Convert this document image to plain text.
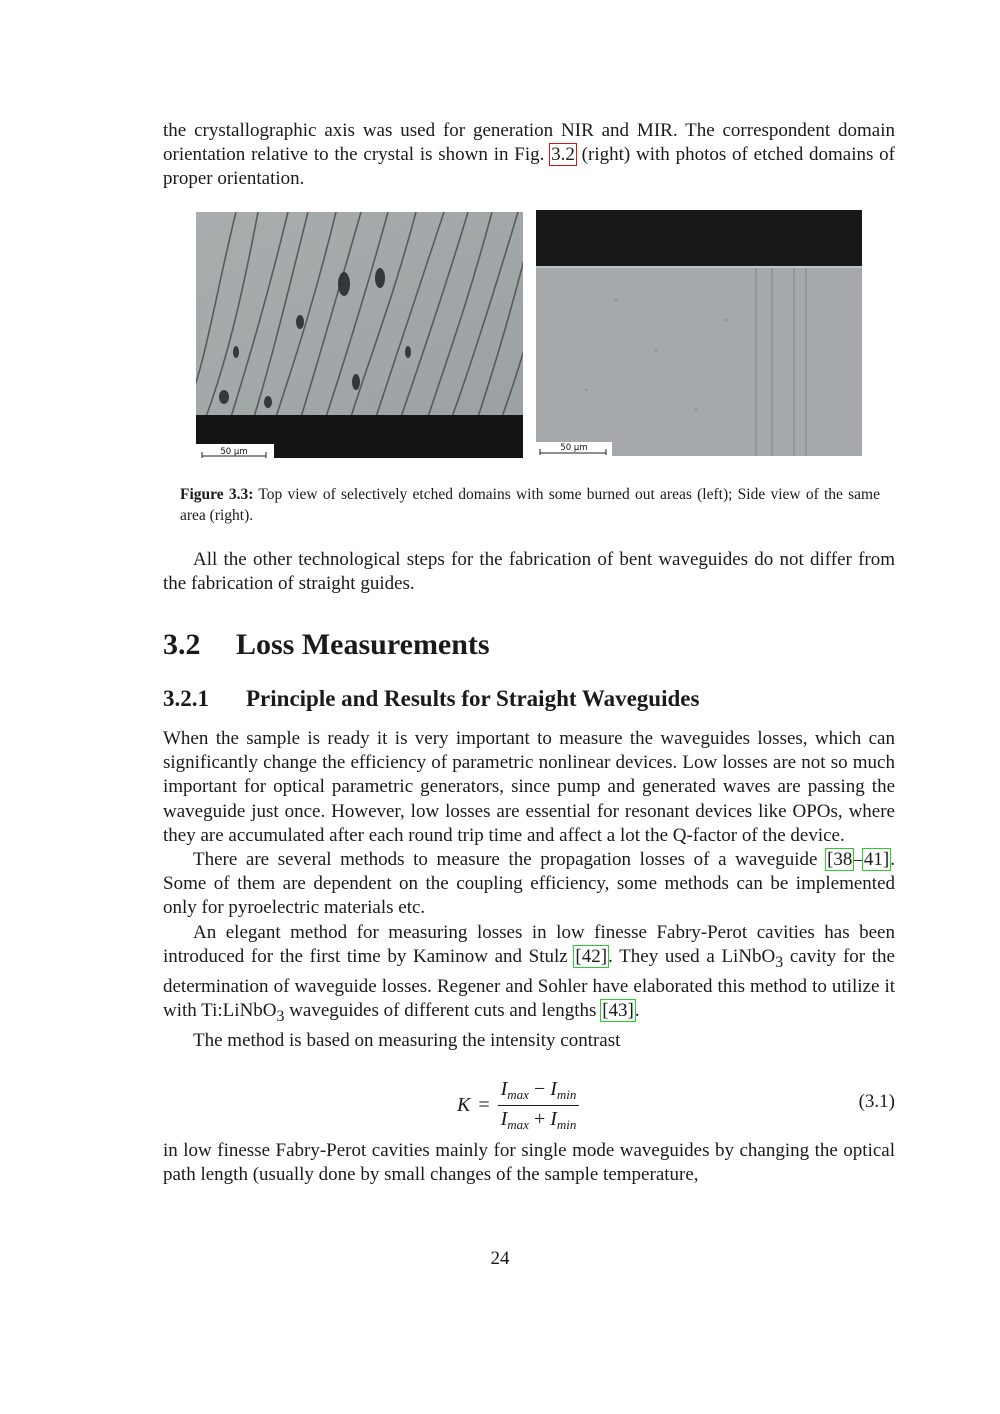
the crystallographic axis was used for generation NIR and MIR. The correspondent domain orientation relative to the crystal is shown in Fig. 3.2 (right) with photos of etched domains of proper orientation.

50 µm	50 µm
Figure 3.3: Top view of selectively etched domains with some burned out areas (left); Side view of the same area (right).

All the other technological steps for the fabrication of bent waveguides do not differ from the fabrication of straight guides.

3.2 Loss Measurements
3.2.1 Principle and Results for Straight Waveguides

When the sample is ready it is very important to measure the waveguides losses, which can significantly change the efficiency of parametric nonlinear devices. Low losses are not so much important for optical parametric generators, since pump and generated waves are passing the waveguide just once. However, low losses are essential for resonant devices like OPOs, where they are accumulated after each round trip time and affect a lot the Q-factor of the device.

There are several methods to measure the propagation losses of a waveguide [38–41]. Some of them are dependent on the coupling efficiency, some methods can be implemented only for pyroelectric materials etc.

An elegant method for measuring losses in low finesse Fabry-Perot cavities has been introduced for the first time by Kaminow and Stulz [42]. They used a LiNbO$_3$ cavity for the determination of waveguide losses. Regener and Sohler have elaborated this method to utilize it with Ti:LiNbO$_3$ waveguides of different cuts and lengths [43].

The method is based on measuring the intensity contrast

$K = \frac{I_{max} - I_{min}}{I_{max} + I_{min}}$	(3.1)

in low finesse Fabry-Perot cavities mainly for single mode waveguides by changing the optical path length (usually done by small changes of the sample temperature,

24
